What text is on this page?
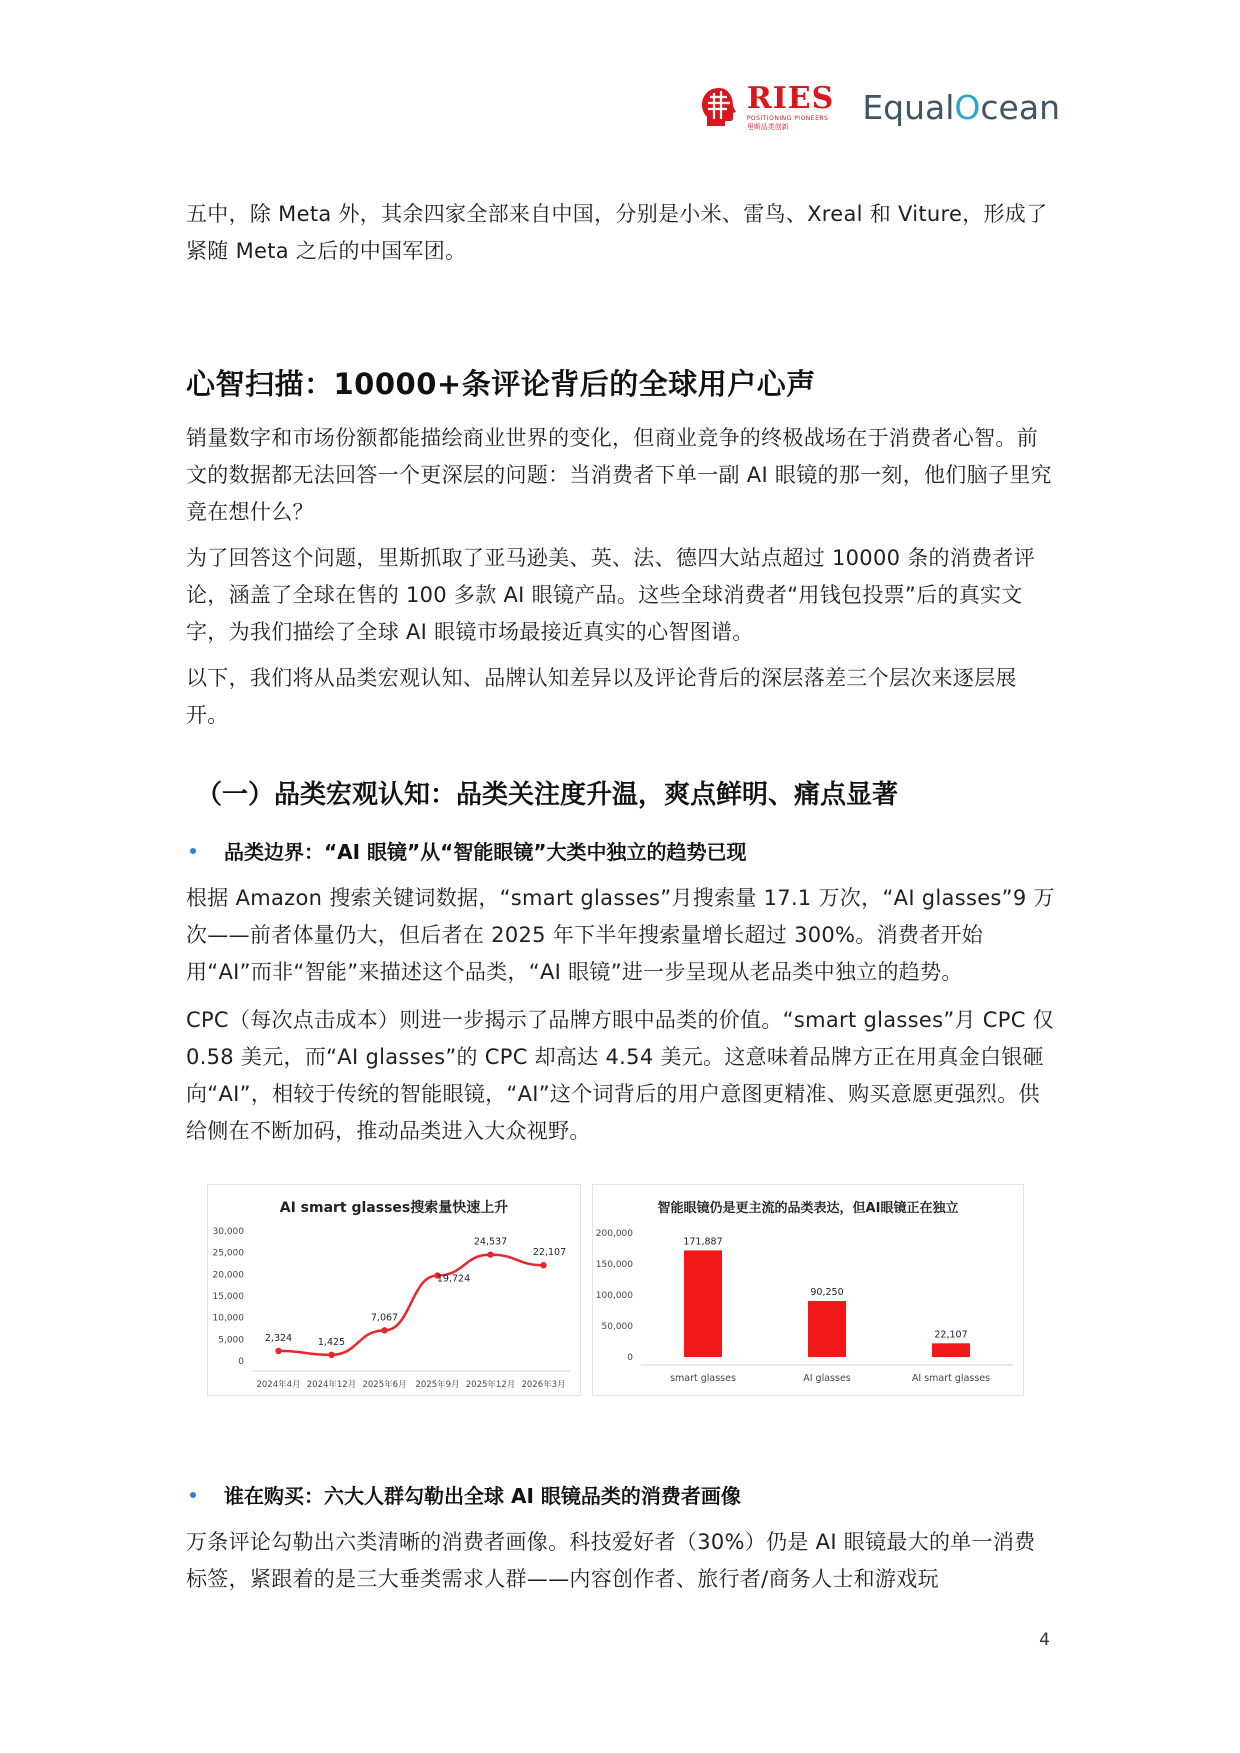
RIES
POSITIONING PIONEERS
里斯品类创新	EqualOcean

五中，除 Meta 外，其余四家全部来自中国，分别是小米、雷鸟、Xreal 和 Viture，形成了紧随 Meta 之后的中国军团。

心智扫描：10000+条评论背后的全球用户心声

销量数字和市场份额都能描绘商业世界的变化，但商业竞争的终极战场在于消费者心智。前文的数据都无法回答一个更深层的问题：当消费者下单一副 AI 眼镜的那一刻，他们脑子里究竟在想什么？

为了回答这个问题，里斯抓取了亚马逊美、英、法、德四大站点超过 10000 条的消费者评论，涵盖了全球在售的 100 多款 AI 眼镜产品。这些全球消费者“用钱包投票”后的真实文字，为我们描绘了全球 AI 眼镜市场最接近真实的心智图谱。

以下，我们将从品类宏观认知、品牌认知差异以及评论背后的深层落差三个层次来逐层展开。

（一）品类宏观认知：品类关注度升温，爽点鲜明、痛点显著
品类边界：“AI 眼镜”从“智能眼镜”大类中独立的趋势已现

根据 Amazon 搜索关键词数据，“smart glasses”月搜索量 17.1 万次，“AI glasses”9 万次——前者体量仍大，但后者在 2025 年下半年搜索量增长超过 300%。消费者开始用“AI”而非“智能”来描述这个品类，“AI 眼镜”进一步呈现从老品类中独立的趋势。

CPC（每次点击成本）则进一步揭示了品牌方眼中品类的价值。“smart glasses”月 CPC 仅 0.58 美元，而“AI glasses”的 CPC 却高达 4.54 美元。这意味着品牌方正在用真金白银砸向“AI”，相较于传统的智能眼镜，“AI”这个词背后的用户意图更精准、购买意愿更强烈。供给侧在不断加码，推动品类进入大众视野。

AI smart glasses搜索量快速上升
0
5,000
10,000
15,000
20,000
25,000
30,000
2024年4月 2024年12月 2025年6月 2025年9月 2025年12月 2026年3月
2,324	1,425
7,067
19,724
24,537
22,107
智能眼镜仍是更主流的品类表达，但AI眼镜正在独立
0
50,000
100,000
150,000
200,000
171,887
smart glasses
90,250
AI glasses
22,107
AI smart glasses
谁在购买：六大人群勾勒出全球 AI 眼镜品类的消费者画像

万条评论勾勒出六类清晰的消费者画像。科技爱好者（30%）仍是 AI 眼镜最大的单一消费标签，紧跟着的是三大垂类需求人群——内容创作者、旅行者/商务人士和游戏玩

4
